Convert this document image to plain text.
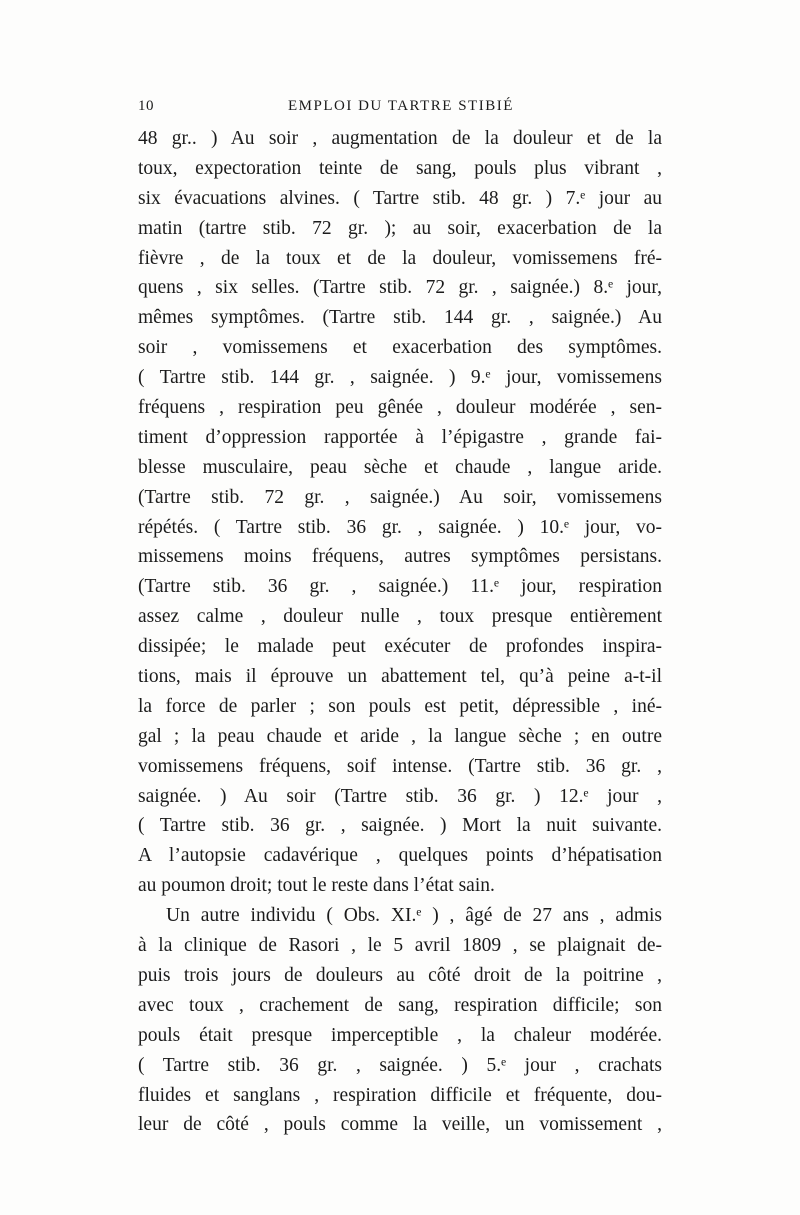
10	EMPLOI DU TARTRE STIBIÉ
48 gr.. ) Au soir , augmentation de la douleur et de la
toux, expectoration teinte de sang, pouls plus vibrant ,
six évacuations alvines. ( Tartre stib. 48 gr. ) 7.ᵉ jour au
matin (tartre stib. 72 gr. ); au soir, exacerbation de la
fièvre , de la toux et de la douleur, vomissemens fré-
quens , six selles. (Tartre stib. 72 gr. , saignée.) 8.ᵉ jour,
mêmes symptômes. (Tartre stib. 144 gr. , saignée.) Au
soir , vomissemens et exacerbation des symptômes.
( Tartre stib. 144 gr. , saignée. ) 9.ᵉ jour, vomissemens
fréquens , respiration peu gênée , douleur modérée , sen-
timent d’oppression rapportée à l’épigastre , grande fai-
blesse musculaire, peau sèche et chaude , langue aride.
(Tartre stib. 72 gr. , saignée.) Au soir, vomissemens
répétés. ( Tartre stib. 36 gr. , saignée. ) 10.ᵉ jour, vo-
missemens moins fréquens, autres symptômes persistans.
(Tartre stib. 36 gr. , saignée.) 11.ᵉ jour, respiration
assez calme , douleur nulle , toux presque entièrement
dissipée; le malade peut exécuter de profondes inspira-
tions, mais il éprouve un abattement tel, qu’à peine a-t-il
la force de parler ; son pouls est petit, dépressible , iné-
gal ; la peau chaude et aride , la langue sèche ; en outre
vomissemens fréquens, soif intense. (Tartre stib. 36 gr. ,
saignée. ) Au soir (Tartre stib. 36 gr. ) 12.ᵉ jour ,
( Tartre stib. 36 gr. , saignée. ) Mort la nuit suivante.
A l’autopsie cadavérique , quelques points d’hépatisation
au poumon droit; tout le reste dans l’état sain.
Un autre individu ( Obs. XI.ᵉ ) , âgé de 27 ans , admis
à la clinique de Rasori , le 5 avril 1809 , se plaignait de-
puis trois jours de douleurs au côté droit de la poitrine ,
avec toux , crachement de sang, respiration difficile; son
pouls était presque imperceptible , la chaleur modérée.
( Tartre stib. 36 gr. , saignée. ) 5.ᵉ jour , crachats
fluides et sanglans , respiration difficile et fréquente, dou-
leur de côté , pouls comme la veille, un vomissement ,
